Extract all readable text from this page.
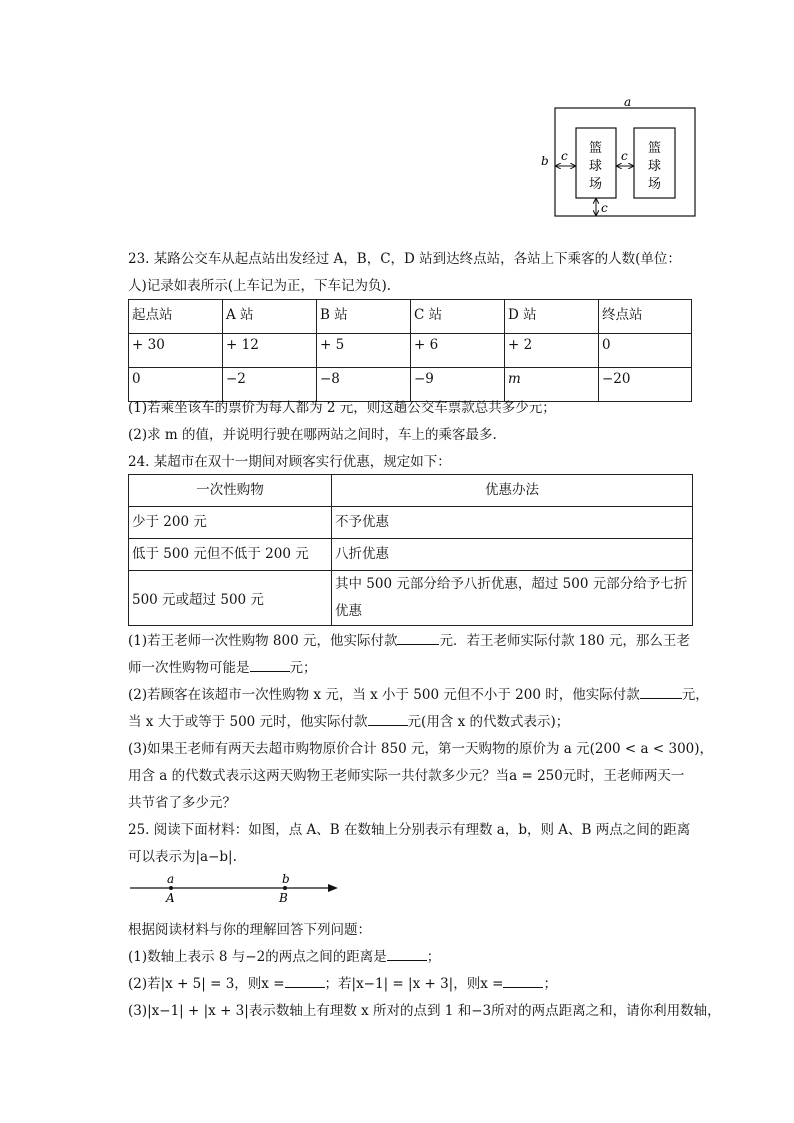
a
b c	c
c
篮
球
场
篮
球
场
23. 某路公交车从起点站出发经过 A，B，C，D 站到达终点站，各站上下乘客的人数(单位：
人)记录如表所示(上车记为正，下车记为负).
起点站	A 站	B 站	C 站	D 站	终点站
+ 30	+ 12	+ 5	+ 6	+ 2	0
0	−2	−8	−9	m	−20
(1)若乘坐该车的票价为每人都为 2 元，则这趟公交车票款总共多少元；
(2)求 m 的值，并说明行驶在哪两站之间时，车上的乘客最多.
24. 某超市在双十一期间对顾客实行优惠，规定如下：
一次性购物	优惠办法
少于 200 元	不予优惠
低于 500 元但不低于 200 元	八折优惠
500 元或超过 500 元	其中 500 元部分给予八折优惠，超过 500 元部分给予七折
优惠
(1)若王老师一次性购物 800 元，他实际付款	元．若王老师实际付款 180 元，那么王老
师一次性购物可能是	元；
(2)若顾客在该超市一次性购物 x 元，当 x 小于 500 元但不小于 200 时，他实际付款	元，
当 x 大于或等于 500 元时，他实际付款	元(用含 x 的代数式表示)；
(3)如果王老师有两天去超市购物原价合计 850 元，第一天购物的原价为 a 元(200 < a < 300)，
用含 a 的代数式表示这两天购物王老师实际一共付款多少元？当a = 250元时，王老师两天一
共节省了多少元？
25. 阅读下面材料：如图，点 A、B 在数轴上分别表示有理数 a，b，则 A、B 两点之间的距离
可以表示为|a−b|.
a
A
b
B
根据阅读材料与你的理解回答下列问题：
(1)数轴上表示 8 与−2的两点之间的距离是	；
(2)若|x + 5| = 3，则x =	；若|x−1| = |x + 3|，则x =	；
(3)|x−1| + |x + 3|表示数轴上有理数 x 所对的点到 1 和−3所对的两点距离之和，请你利用数轴，
